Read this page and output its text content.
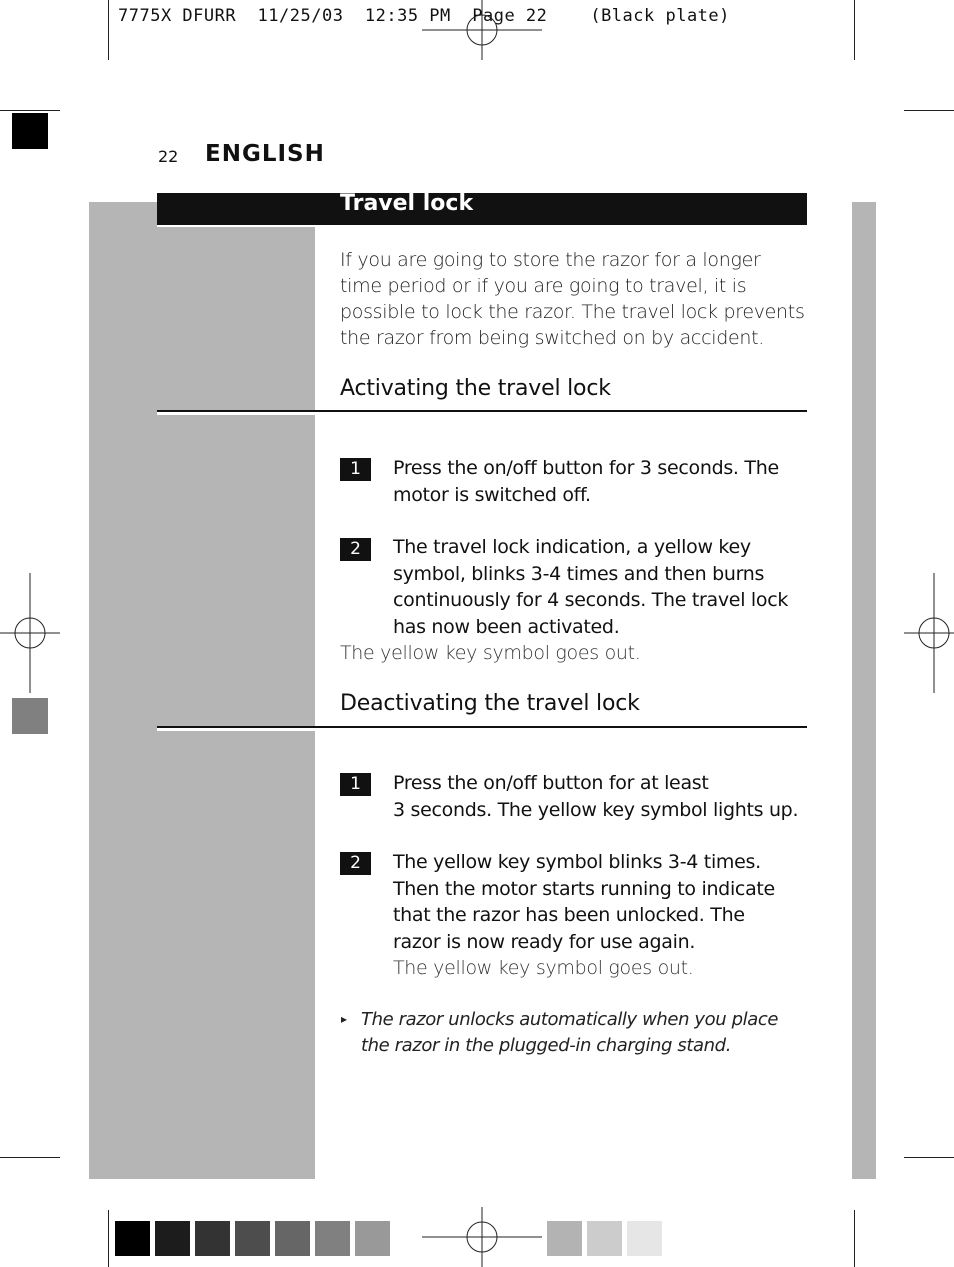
7775X DFURR  11/25/03  12:35 PM  Page 22    (Black plate)
22 ENGLISH
Travel lock

If you are going to store the razor for a longer

time period or if you are going to travel, it is

possible to lock the razor. The travel lock prevents

the razor from being switched on by accident.

Activating the travel lock
1	Press the on/off button for 3 seconds. The

motor is switched off.

2	The travel lock indication, a yellow key

symbol, blinks 3-4 times and then burns

continuously for 4 seconds. The travel lock

has now been activated.

The yellow key symbol goes out.
Deactivating the travel lock
1	Press the on/off button for at least

3 seconds. The yellow key symbol lights up.

2	The yellow key symbol blinks 3-4 times.

Then the motor starts running to indicate

that the razor has been unlocked. The

razor is now ready for use again.

The yellow key symbol goes out.
▸ The razor unlocks automatically when you place

the razor in the plugged-in charging stand.
